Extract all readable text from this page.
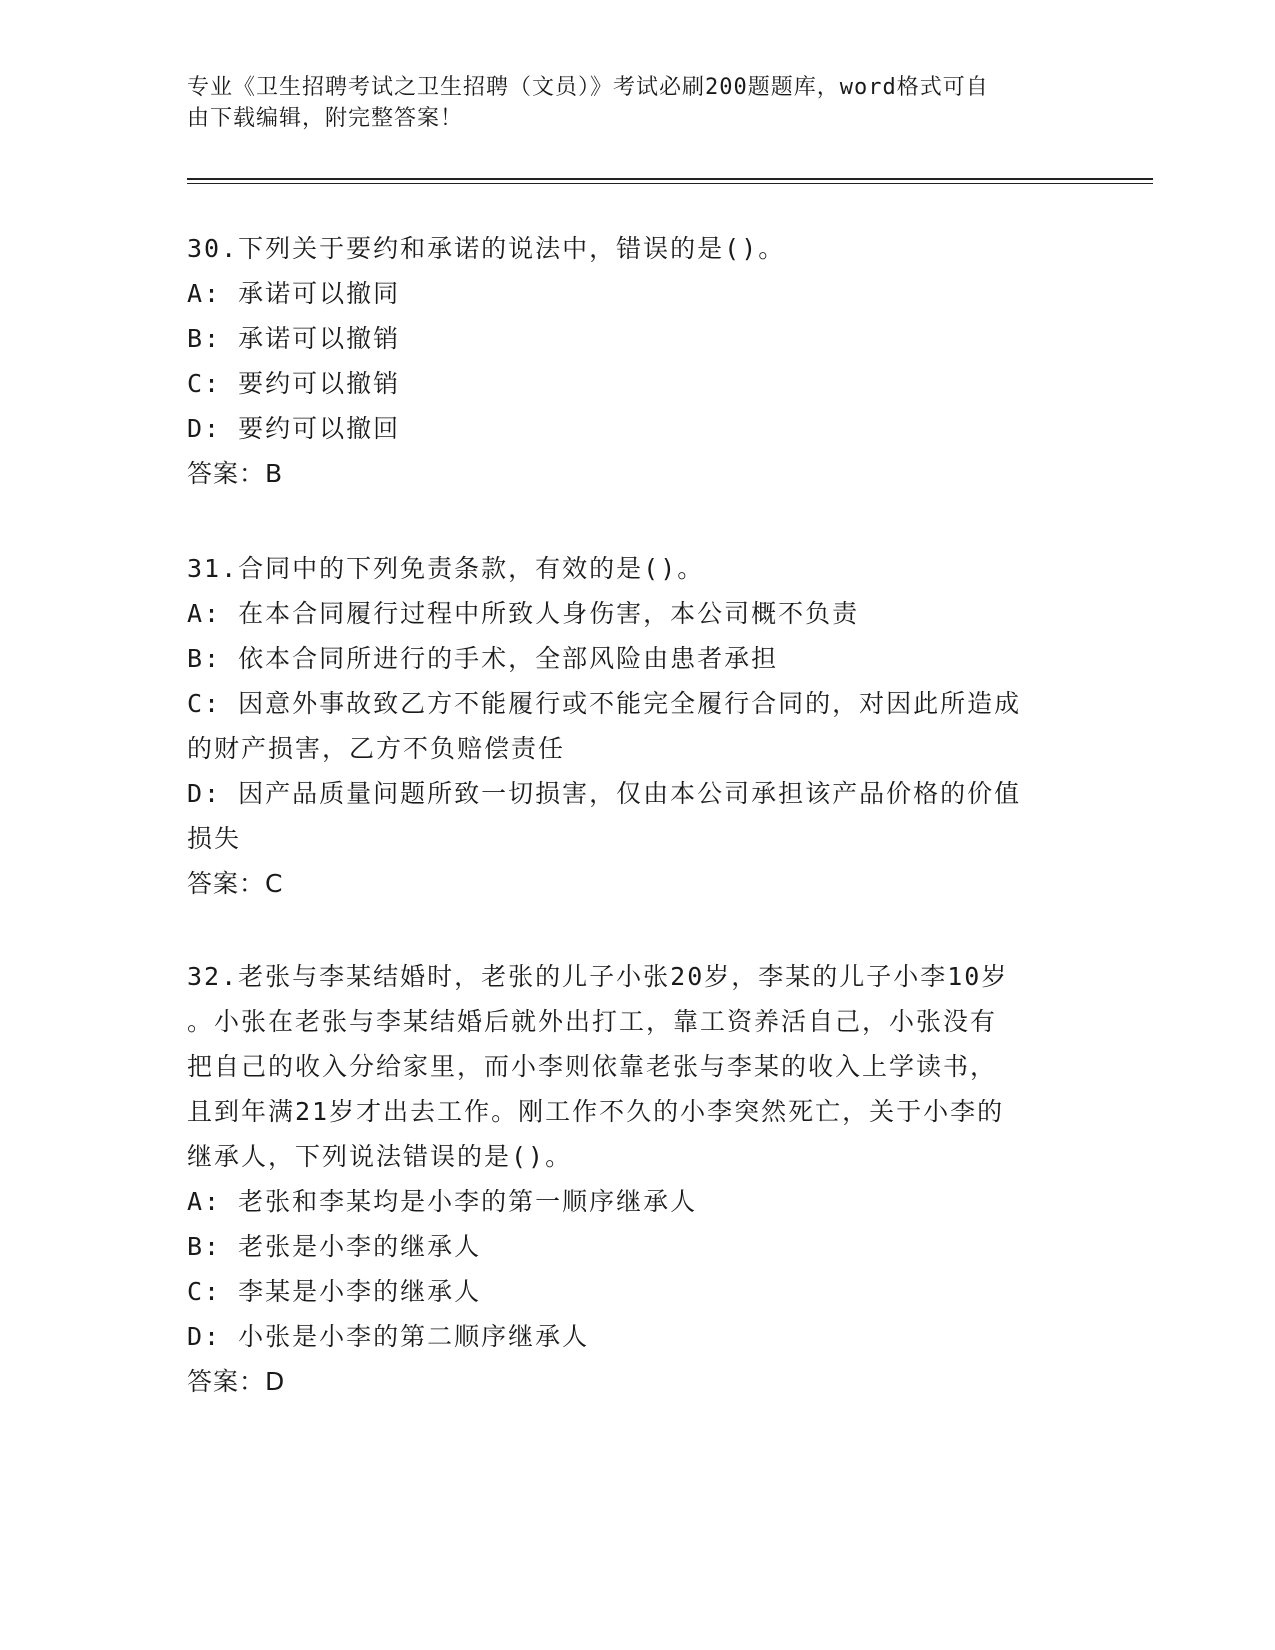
专业《卫生招聘考试之卫生招聘（文员）》考试必刷200题题库，word格式可自
由下载编辑，附完整答案！
30.下列关于要约和承诺的说法中，错误的是()。
A: 承诺可以撤同
B: 承诺可以撤销
C: 要约可以撤销
D: 要约可以撤回
答案：B
31.合同中的下列免责条款，有效的是()。
A: 在本合同履行过程中所致人身伤害，本公司概不负责
B: 依本合同所进行的手术，全部风险由患者承担
C: 因意外事故致乙方不能履行或不能完全履行合同的，对因此所造成
的财产损害，乙方不负赔偿责任
D: 因产品质量问题所致一切损害，仅由本公司承担该产品价格的价值
损失
答案：C
32.老张与李某结婚时，老张的儿子小张20岁，李某的儿子小李10岁
。小张在老张与李某结婚后就外出打工，靠工资养活自己，小张没有
把自己的收入分给家里，而小李则依靠老张与李某的收入上学读书，
且到年满21岁才出去工作。刚工作不久的小李突然死亡，关于小李的
继承人，下列说法错误的是()。
A: 老张和李某均是小李的第一顺序继承人
B: 老张是小李的继承人
C: 李某是小李的继承人
D: 小张是小李的第二顺序继承人
答案：D
